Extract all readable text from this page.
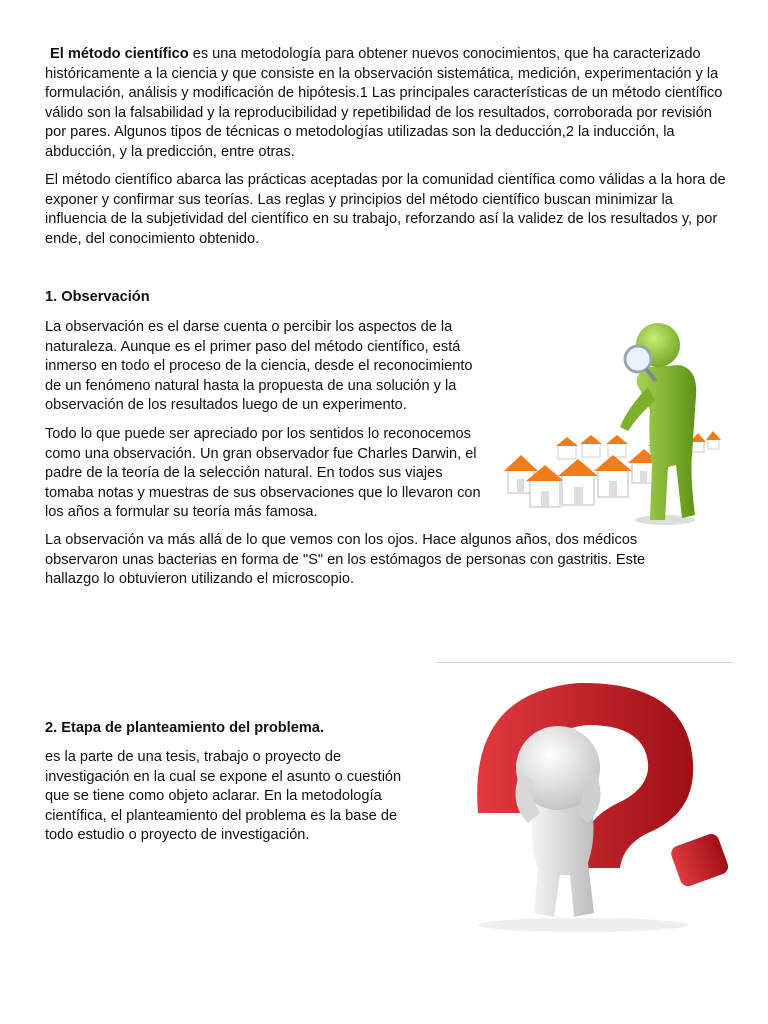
El método científico es una metodología para obtener nuevos conocimientos, que ha caracterizado históricamente a la ciencia y que consiste en la observación sistemática, medición, experimentación y la formulación, análisis y modificación de hipótesis.1 Las principales características de un método científico válido son la falsabilidad y la reproducibilidad y repetibilidad de los resultados, corroborada por revisión por pares. Algunos tipos de técnicas o metodologías utilizadas son la deducción,2 la inducción, la abducción, y la predicción, entre otras.

El método científico abarca las prácticas aceptadas por la comunidad científica como válidas a la hora de exponer y confirmar sus teorías. Las reglas y principios del método científico buscan minimizar la influencia de la subjetividad del científico en su trabajo, reforzando así la validez de los resultados y, por ende, del conocimiento obtenido.

1. Observación

La observación es el darse cuenta o percibir los aspectos de la naturaleza. Aunque es el primer paso del método científico, está inmerso en todo el proceso de la ciencia, desde el reconocimiento de un fenómeno natural hasta la propuesta de una solución y la observación de los resultados luego de un experimento.

Todo lo que puede ser apreciado por los sentidos lo reconocemos como una observación. Un gran observador fue Charles Darwin, el padre de la teoría de la selección natural. En todos sus viajes tomaba notas y muestras de sus observaciones que lo llevaron con los años a formular su teoría más famosa.

La observación va más allá de lo que vemos con los ojos. Hace algunos años, dos médicos observaron unas bacterias en forma de "S" en los estómagos de personas con gastritis. Este hallazgo lo obtuvieron utilizando el microscopio.

2. Etapa de planteamiento del problema.

es la parte de una tesis, trabajo o proyecto de investigación en la cual se expone el asunto o cuestión que se tiene como objeto aclarar. En la metodología científica, el planteamiento del problema es la base de todo estudio o proyecto de investigación.
